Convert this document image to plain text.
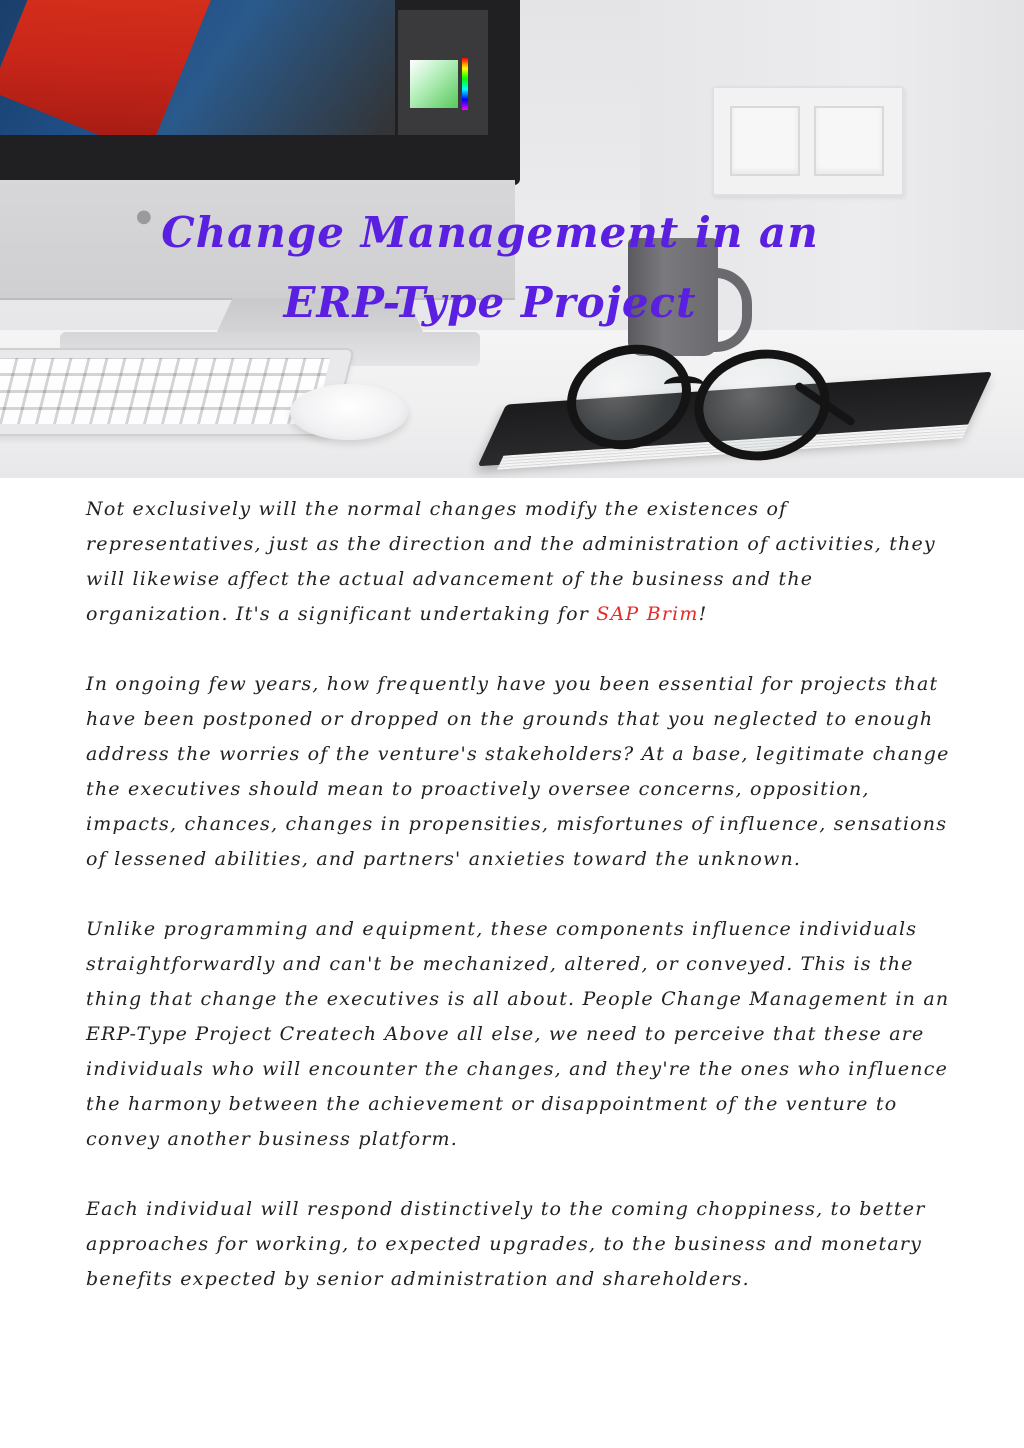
● Change Management in an
ERP-Type Project

Not exclusively will the normal changes modify the existences of representatives, just as the direction and the administration of activities, they will likewise affect the actual advancement of the business and the organization. It's a significant undertaking for SAP Brim!

In ongoing few years, how frequently have you been essential for projects that have been postponed or dropped on the grounds that you neglected to enough address the worries of the venture's stakeholders? At a base, legitimate change the executives should mean to proactively oversee concerns, opposition, impacts, chances, changes in propensities, misfortunes of influence, sensations of lessened abilities, and partners' anxieties toward the unknown.

Unlike programming and equipment, these components influence individuals straightforwardly and can't be mechanized, altered, or conveyed. This is the thing that change the executives is all about. People Change Management in an ERP-Type Project Createch Above all else, we need to perceive that these are individuals who will encounter the changes, and they're the ones who influence the harmony between the achievement or disappointment of the venture to convey another business platform.

Each individual will respond distinctively to the coming choppiness, to better approaches for working, to expected upgrades, to the business and monetary benefits expected by senior administration and shareholders.
